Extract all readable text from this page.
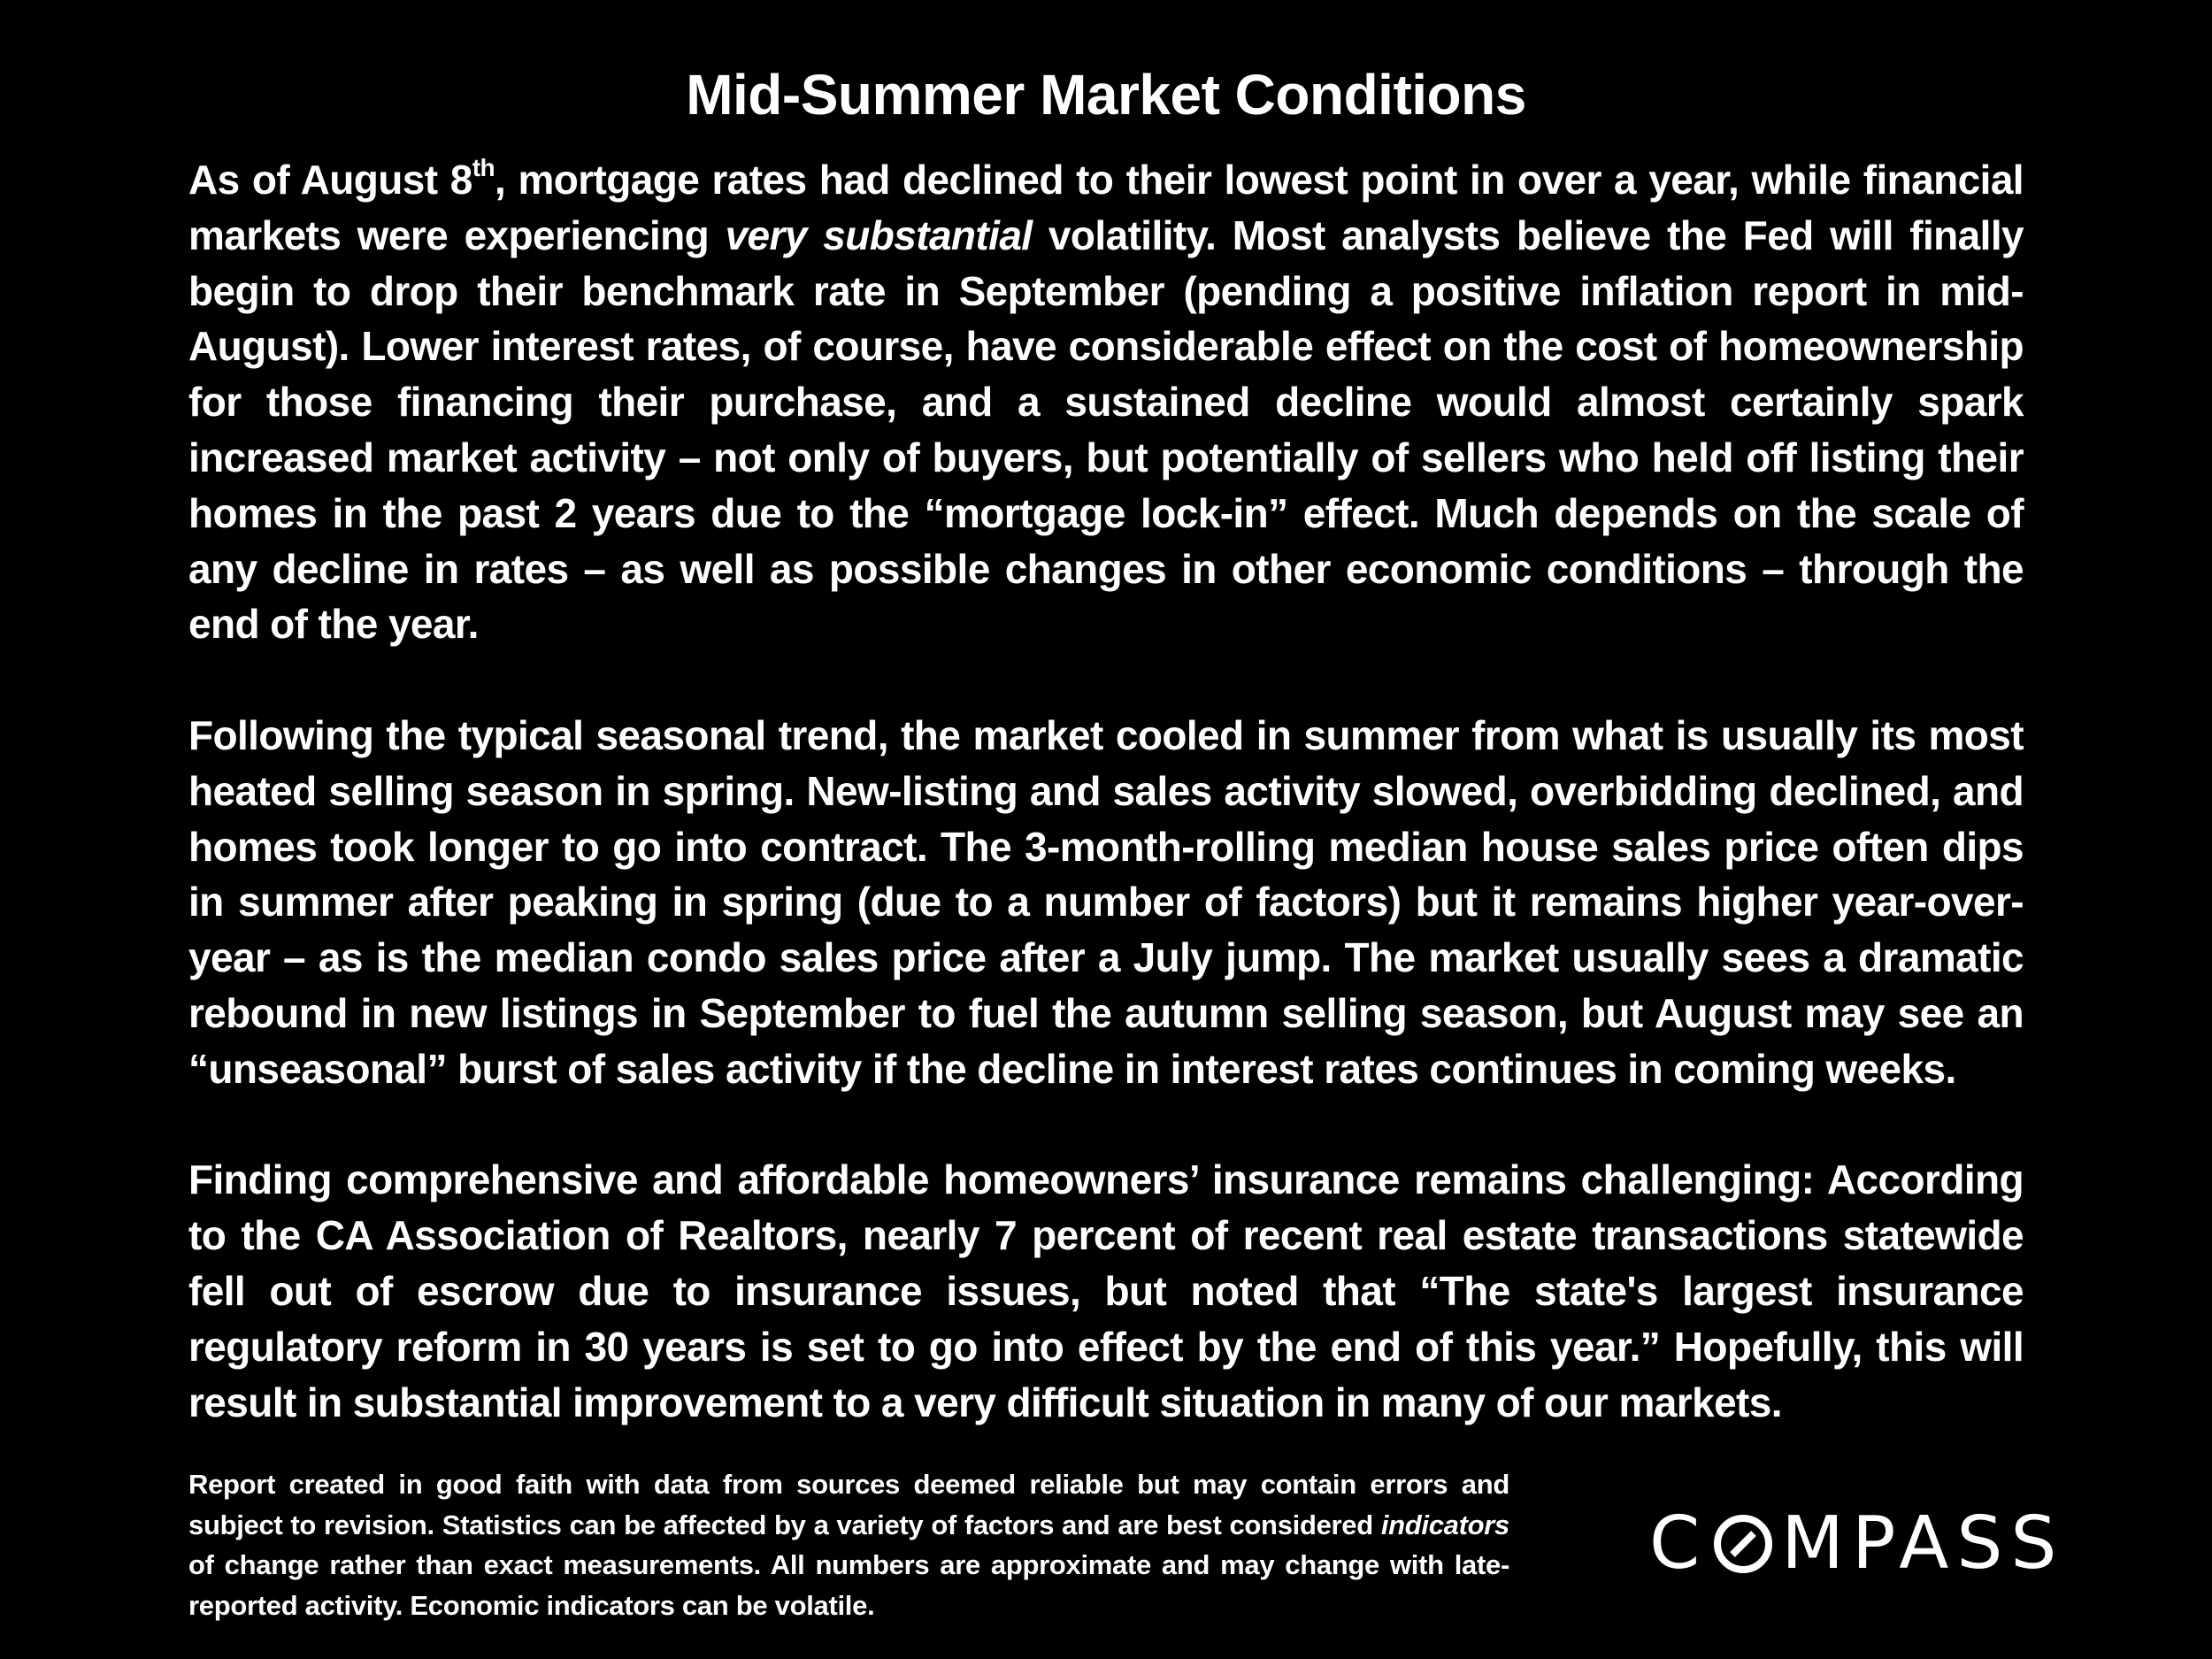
Mid-Summer Market Conditions

As of August 8th, mortgage rates had declined to their lowest point in over a year, while financial markets were experiencing very substantial volatility. Most analysts believe the Fed will finally begin to drop their benchmark rate in September (pending a positive inflation report in mid-August). Lower interest rates, of course, have considerable effect on the cost of homeownership for those financing their purchase, and a sustained decline would almost certainly spark increased market activity – not only of buyers, but potentially of sellers who held off listing their homes in the past 2 years due to the “mortgage lock-in” effect. Much depends on the scale of any decline in rates – as well as possible changes in other economic conditions – through the end of the year.

Following the typical seasonal trend, the market cooled in summer from what is usually its most heated selling season in spring. New-listing and sales activity slowed, overbidding declined, and homes took longer to go into contract. The 3-month-rolling median house sales price often dips in summer after peaking in spring (due to a number of factors) but it remains higher year-over-year – as is the median condo sales price after a July jump. The market usually sees a dramatic rebound in new listings in September to fuel the autumn selling season, but August may see an “unseasonal” burst of sales activity if the decline in interest rates continues in coming weeks.

Finding comprehensive and affordable homeowners’ insurance remains challenging: According to the CA Association of Realtors, nearly 7 percent of recent real estate transactions statewide fell out of escrow due to insurance issues, but noted that “The state's largest insurance regulatory reform in 30 years is set to go into effect by the end of this year.” Hopefully, this will result in substantial improvement to a very difficult situation in many of our markets.

Report created in good faith with data from sources deemed reliable but may contain errors and subject to revision. Statistics can be affected by a variety of factors and are best considered indicators of change rather than exact measurements. All numbers are approximate and may change with late-reported activity. Economic indicators can be volatile.
C MPASS
